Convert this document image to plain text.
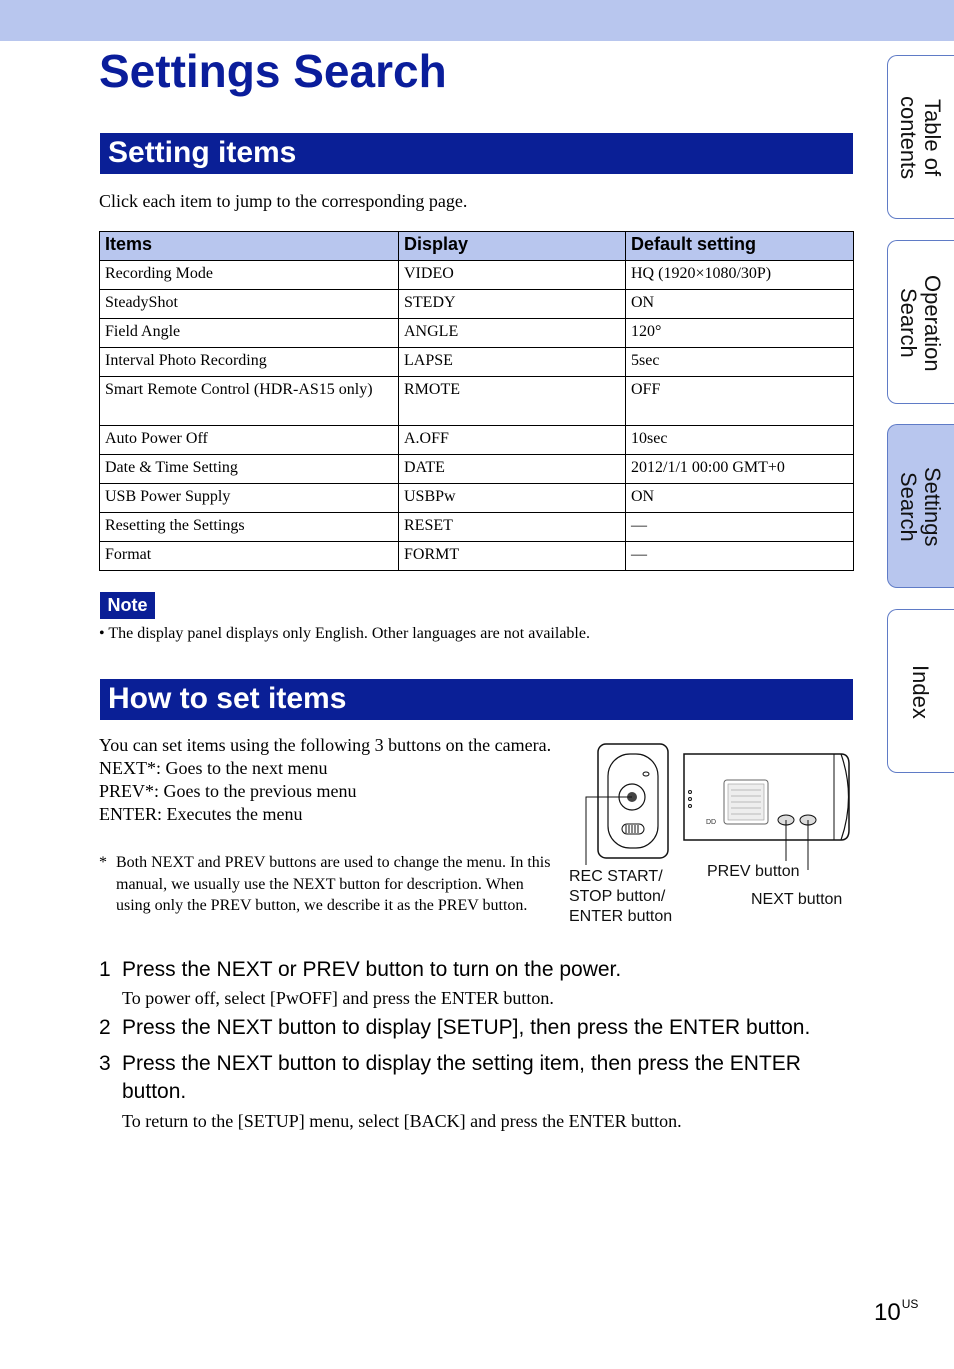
Settings Search
Setting items
Click each item to jump to the corresponding page.
Items	Display	Default setting
Recording Mode	VIDEO	HQ (1920×1080/30P)
SteadyShot	STEDY	ON
Field Angle	ANGLE	120°
Interval Photo Recording	LAPSE	5sec
Smart Remote Control (HDR-AS15 only)	RMOTE	OFF
Auto Power Off	A.OFF	10sec
Date & Time Setting	DATE	2012/1/1 00:00 GMT+0
USB Power Supply	USBPw	ON
Resetting the Settings	RESET	—
Format	FORMT	—
Note
• The display panel displays only English. Other languages are not available.
How to set items

You can set items using the following 3 buttons on the camera.

NEXT*: Goes to the next menu

PREV*: Goes to the previous menu

ENTER: Executes the menu

* Both NEXT and PREV buttons are used to change the menu. In this manual, we usually use the NEXT button for description. When using only the PREV button, we describe it as the PREV button.
DD
REC START/
STOP button/
ENTER button
PREV button
NEXT button
1 Press the NEXT or PREV button to turn on the power.
To power off, select [PwOFF] and press the ENTER button.
2 Press the NEXT button to display [SETUP], then press the ENTER button.
3 Press the NEXT button to display the setting item, then press the ENTER button.
To return to the [SETUP] menu, select [BACK] and press the ENTER button.
Table of
contents
Operation
Search
Settings
Search
Index
$10^{US}$
